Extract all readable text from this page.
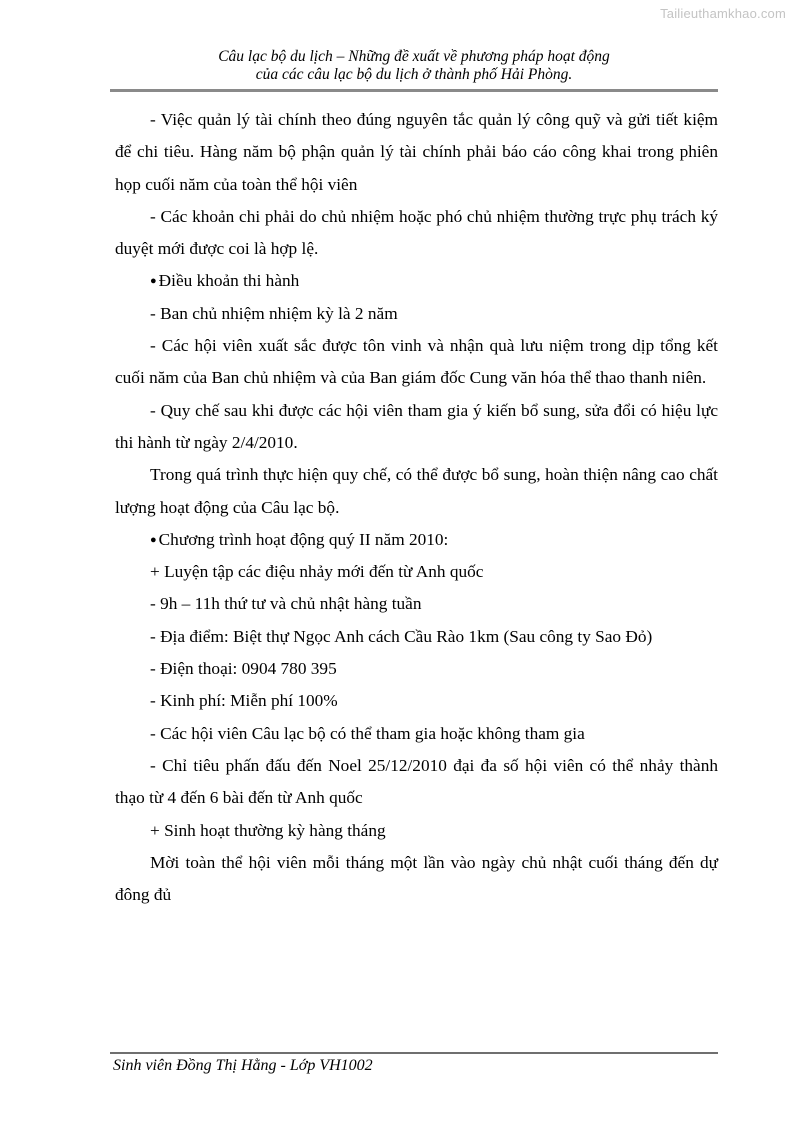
Tailieuthamkhao.com
Câu lạc bộ du lịch – Những đề xuất về phương pháp hoạt động
của các câu lạc bộ du lịch ở thành phố Hải Phòng.

- Việc quản lý tài chính theo đúng nguyên tắc quản lý công quỹ và gửi tiết kiệm để chi tiêu. Hàng năm bộ phận quản lý tài chính phải báo cáo công khai trong phiên họp cuối năm của toàn thể hội viên

- Các khoản chi phải do chủ nhiệm hoặc phó chủ nhiệm thường trực phụ trách ký duyệt mới được coi là hợp lệ.

● Điều khoản thi hành

- Ban chủ nhiệm nhiệm kỳ là 2 năm

- Các hội viên xuất sắc được tôn vinh và nhận quà lưu niệm trong dịp tổng kết cuối năm của Ban chủ nhiệm và của Ban giám đốc Cung văn hóa thể thao thanh niên.

- Quy chế sau khi được các hội viên tham gia ý kiến bổ sung, sửa đổi có hiệu lực thi hành từ ngày 2/4/2010.

Trong quá trình thực hiện quy chế, có thể được bổ sung, hoàn thiện nâng cao chất lượng hoạt động của Câu lạc bộ.

● Chương trình hoạt động quý II năm 2010:

+ Luyện tập các điệu nhảy mới đến từ Anh quốc

- 9h – 11h thứ tư và chủ nhật hàng tuần

- Địa điểm: Biệt thự Ngọc Anh cách Cầu Rào 1km (Sau công ty Sao Đỏ)

- Điện thoại: 0904 780 395

- Kinh phí: Miễn phí 100%

- Các hội viên Câu lạc bộ có thể tham gia hoặc không tham gia

- Chỉ tiêu phấn đấu đến Noel 25/12/2010 đại đa số hội viên có thể nhảy thành thạo từ 4 đến 6 bài đến từ Anh quốc

+ Sinh hoạt thường kỳ hàng tháng

Mời toàn thể hội viên mỗi tháng một lần vào ngày chủ nhật cuối tháng đến dự đông đủ

Sinh viên Đồng Thị Hằng - Lớp VH1002
